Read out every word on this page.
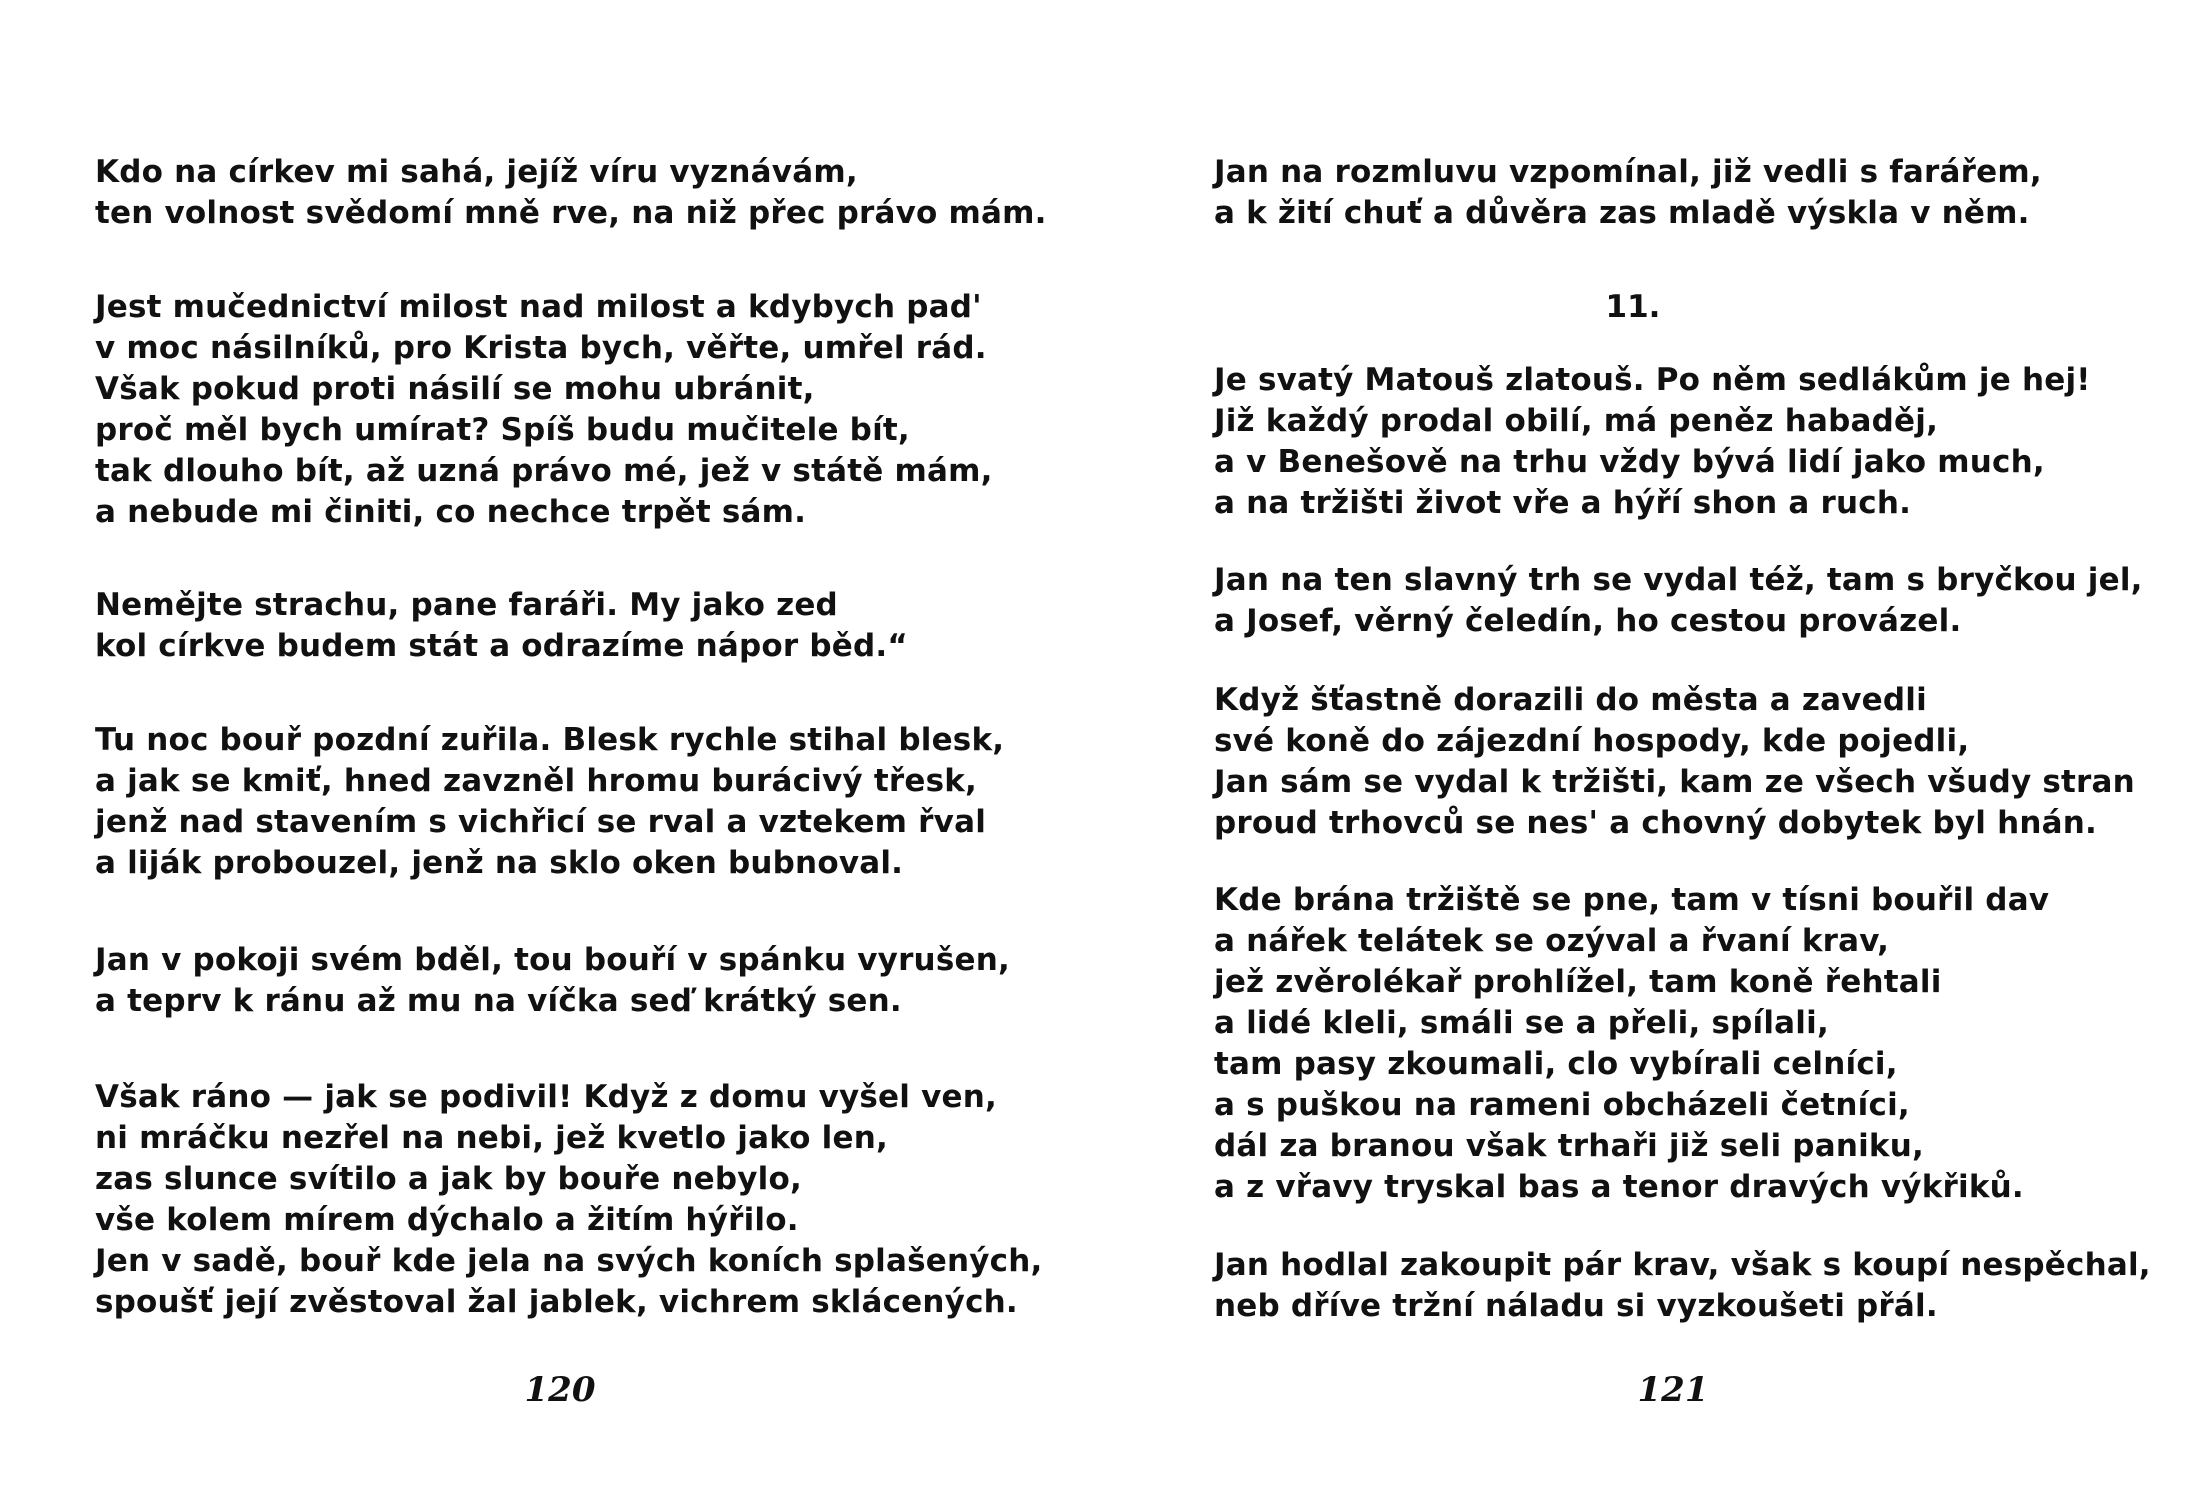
Kdo na církev mi sahá, jejíž víru vyznávám,
ten volnost svědomí mně rve, na niž přec právo mám.
Jest mučednictví milost nad milost a kdybych pad'
v moc násilníků, pro Krista bych, věřte, umřel rád.
Však pokud proti násilí se mohu ubránit,
proč měl bych umírat? Spíš budu mučitele bít,
tak dlouho bít, až uzná právo mé, jež v státě mám,
a nebude mi činiti, co nechce trpět sám.
Nemějte strachu, pane faráři. My jako zed
kol církve budem stát a odrazíme nápor běd.“
Tu noc bouř pozdní zuřila. Blesk rychle stihal blesk,
a jak se kmiť, hned zavzněl hromu burácivý třesk,
jenž nad stavením s vichřicí se rval a vztekem řval
a liják probouzel, jenž na sklo oken bubnoval.
Jan v pokoji svém bděl, tou bouří v spánku vyrušen,
a teprv k ránu až mu na víčka seď krátký sen.
Však ráno — jak se podivil! Když z domu vyšel ven,
ni mráčku nezřel na nebi, jež kvetlo jako len,
zas slunce svítilo a jak by bouře nebylo,
vše kolem mírem dýchalo a žitím hýřilo.
Jen v sadě, bouř kde jela na svých koních splašených,
spoušť její zvěstoval žal jablek, vichrem sklácených.
120
Jan na rozmluvu vzpomínal, již vedli s farářem,
a k žití chuť a důvěra zas mladě výskla v něm.
Je svatý Matouš zlatouš. Po něm sedlákům je hej!
Již každý prodal obilí, má peněz habaděj,
a v Benešově na trhu vždy bývá lidí jako much,
a na tržišti život vře a hýří shon a ruch.
Jan na ten slavný trh se vydal též, tam s bryčkou jel,
a Josef, věrný čeledín, ho cestou provázel.
Když šťastně dorazili do města a zavedli
své koně do zájezdní hospody, kde pojedli,
Jan sám se vydal k tržišti, kam ze všech všudy stran
proud trhovců se nes' a chovný dobytek byl hnán.
Kde brána tržiště se pne, tam v tísni bouřil dav
a nářek telátek se ozýval a řvaní krav,
jež zvěrolékař prohlížel, tam koně řehtali
a lidé kleli, smáli se a přeli, spílali,
tam pasy zkoumali, clo vybírali celníci,
a s puškou na rameni obcházeli četníci,
dál za branou však trhaři již seli paniku,
a z vřavy tryskal bas a tenor dravých výkřiků.
Jan hodlal zakoupit pár krav, však s koupí nespěchal,
neb dříve tržní náladu si vyzkoušeti přál.
121
11.
